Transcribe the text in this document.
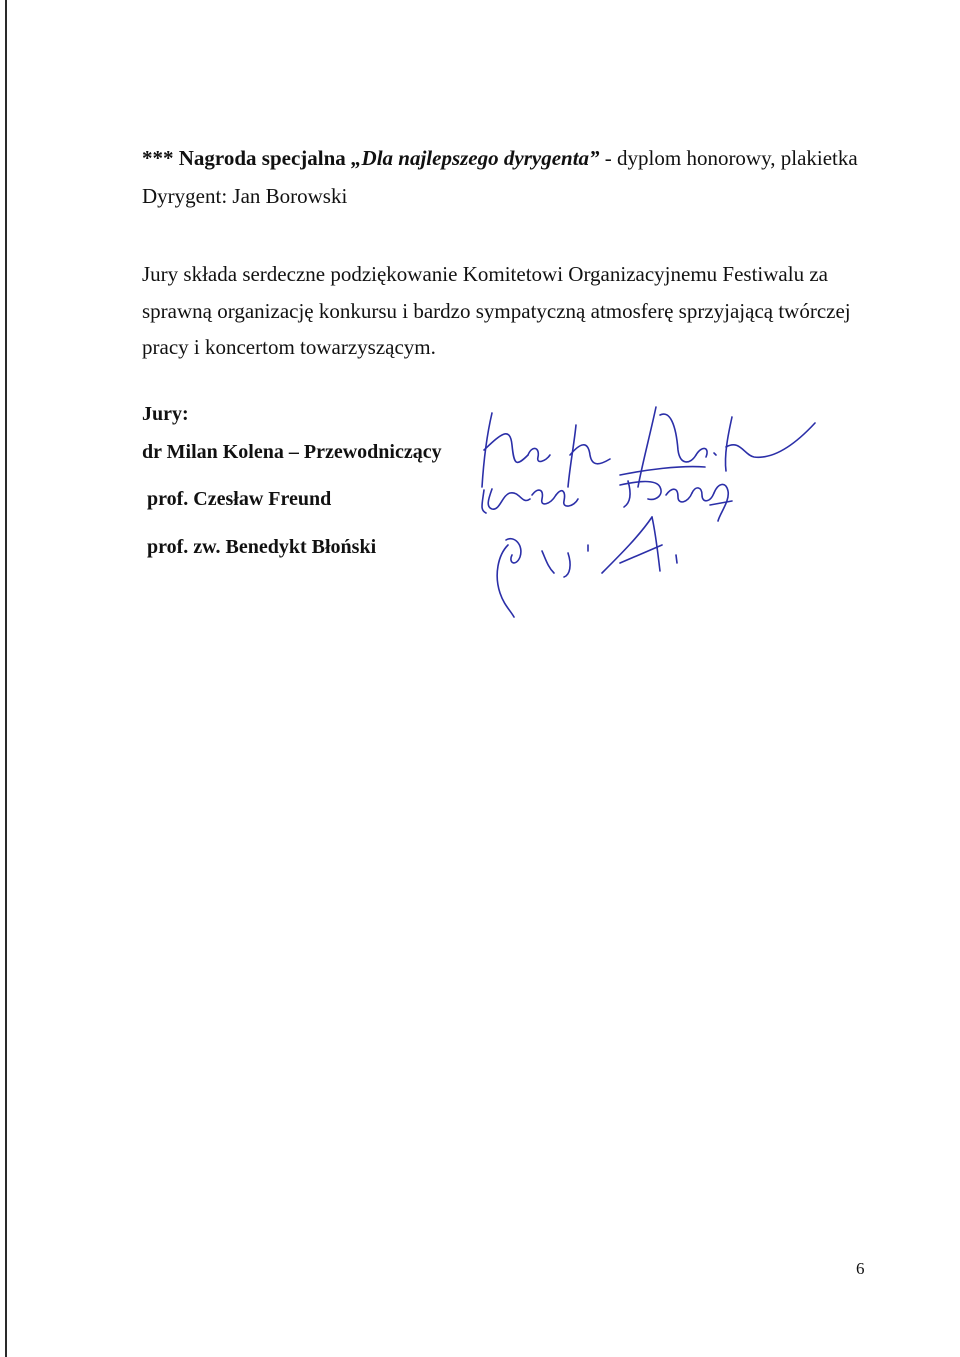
*** Nagroda specjalna „Dla najlepszego dyrygenta” - dyplom honorowy, plakietka
Dyrygent: Jan Borowski

Jury składa serdeczne podziękowanie Komitetowi Organizacyjnemu Festiwalu za sprawną organizację konkursu i bardzo sympatyczną atmosferę sprzyjającą twórczej pracy i koncertom towarzyszącym.

Jury:
dr Milan Kolena – Przewodniczący
prof. Czesław Freund
prof. zw. Benedykt Błoński
6
